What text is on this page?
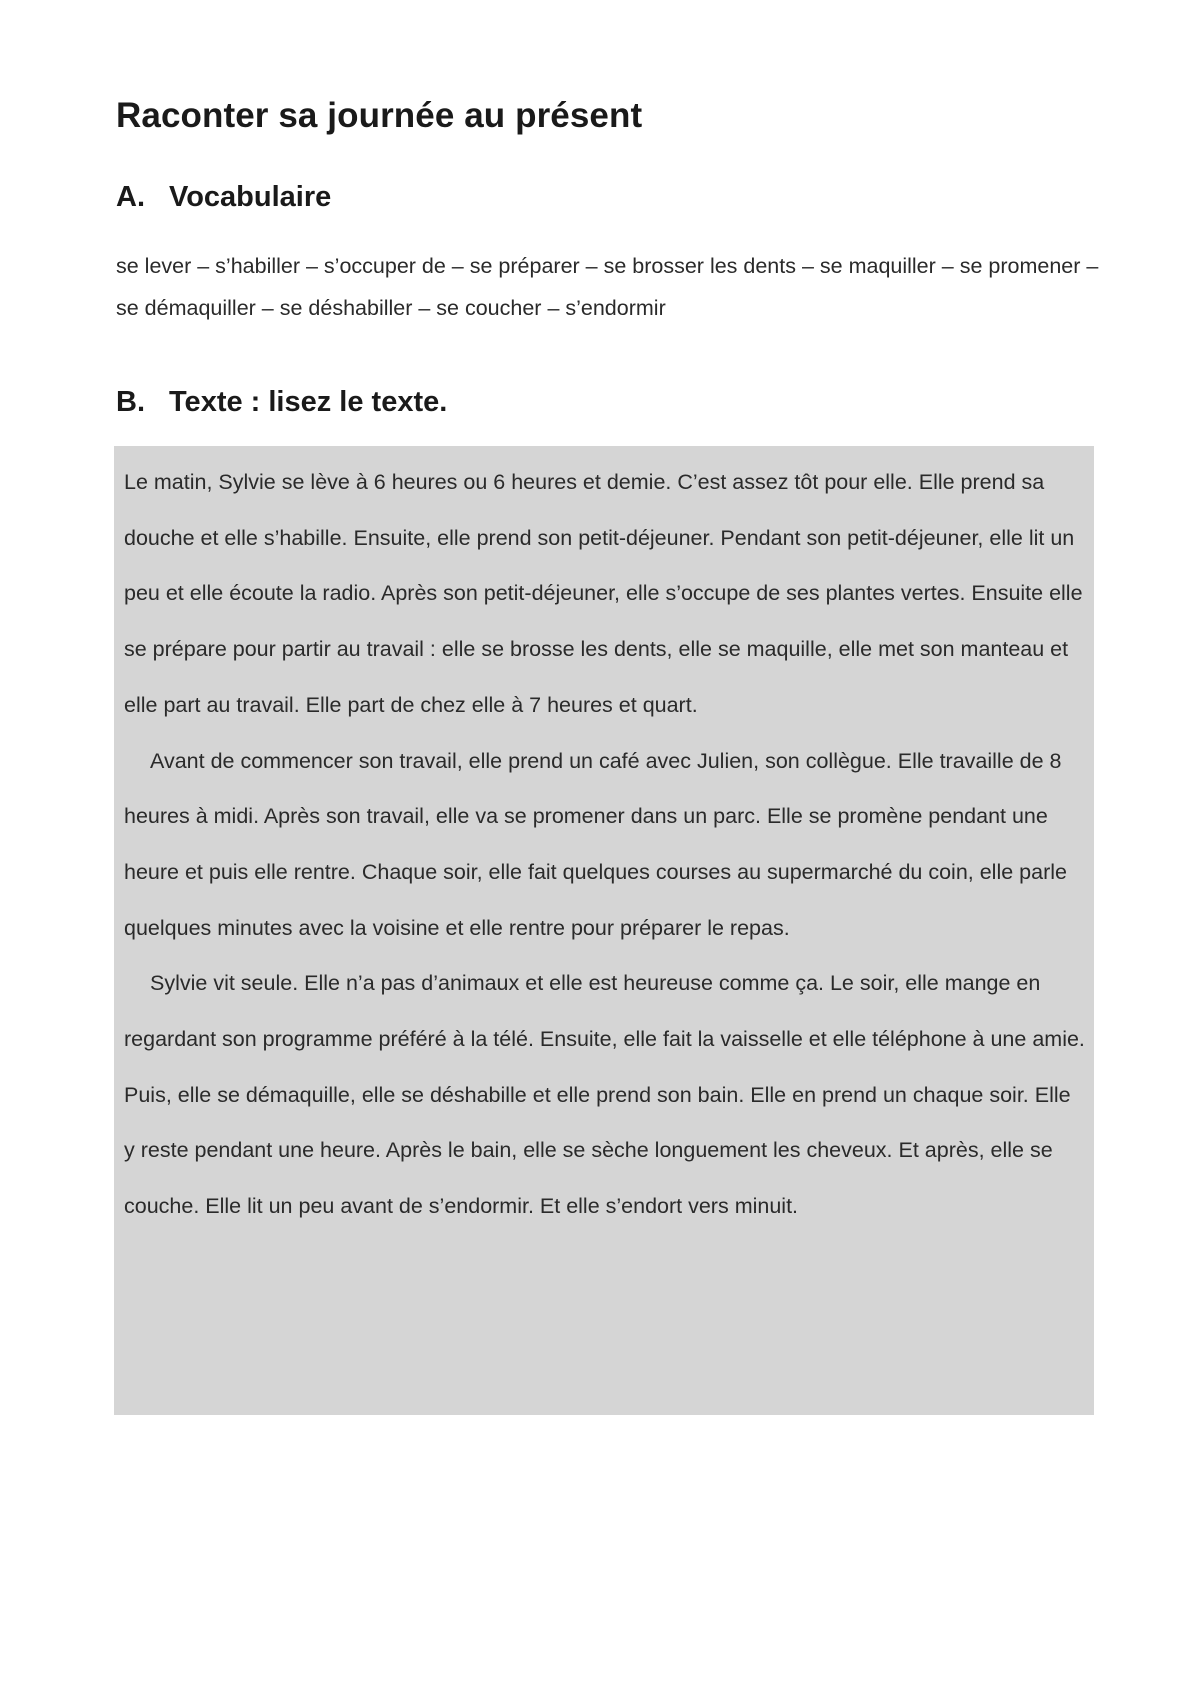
Raconter sa journée au présent
A. Vocabulaire

se lever – s’habiller – s’occuper de – se préparer – se brosser les dents – se maquiller – se promener – se démaquiller – se déshabiller – se coucher – s’endormir

B. Texte : lisez le texte.

Le matin, Sylvie se lève à 6 heures ou 6 heures et demie. C’est assez tôt pour elle. Elle prend sa douche et elle s’habille. Ensuite, elle prend son petit-déjeuner. Pendant son petit-déjeuner, elle lit un peu et elle écoute la radio. Après son petit-déjeuner, elle s’occupe de ses plantes vertes. Ensuite elle se prépare pour partir au travail : elle se brosse les dents, elle se maquille, elle met son manteau et elle part au travail. Elle part de chez elle à 7 heures et quart.

Avant de commencer son travail, elle prend un café avec Julien, son collègue. Elle travaille de 8 heures à midi. Après son travail, elle va se promener dans un parc. Elle se promène pendant une heure et puis elle rentre. Chaque soir, elle fait quelques courses au supermarché du coin, elle parle quelques minutes avec la voisine et elle rentre pour préparer le repas.

Sylvie vit seule. Elle n’a pas d’animaux et elle est heureuse comme ça. Le soir, elle mange en regardant son programme préféré à la télé. Ensuite, elle fait la vaisselle et elle téléphone à une amie. Puis, elle se démaquille, elle se déshabille et elle prend son bain. Elle en prend un chaque soir. Elle y reste pendant une heure. Après le bain, elle se sèche longuement les cheveux. Et après, elle se couche. Elle lit un peu avant de s’endormir. Et elle s’endort vers minuit.
